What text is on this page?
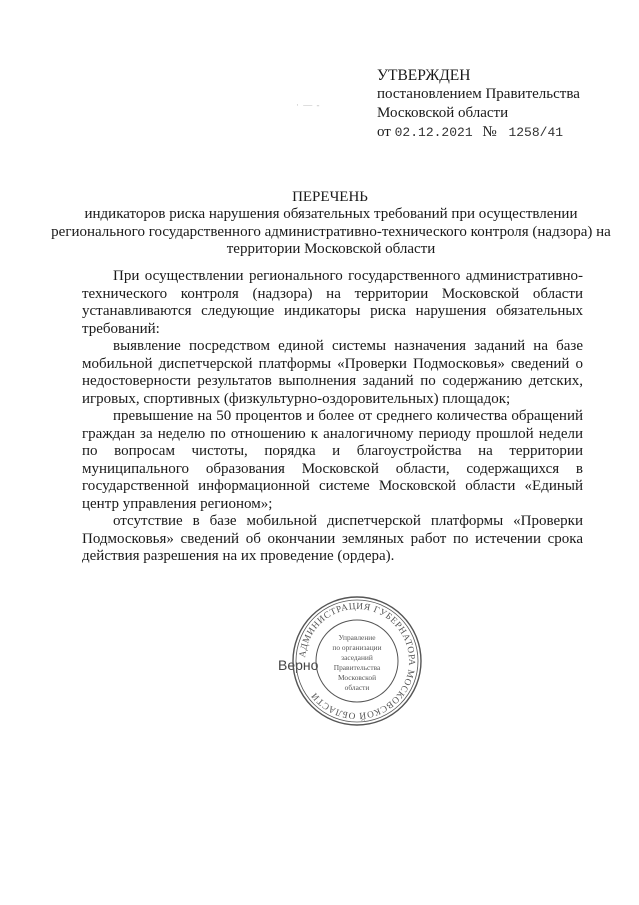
УТВЕРЖДЕН
постановлением Правительства
Московской области
от 02.12.2021 № 1258/41
· — -
ПЕРЕЧЕНЬ
индикаторов риска нарушения обязательных требований при осуществлении регионального государственного административно-технического контроля (надзора) на территории Московской области

При осуществлении регионального государственного административно-технического контроля (надзора) на территории Московской области устанавливаются следующие индикаторы риска нарушения обязательных требований:

выявление посредством единой системы назначения заданий на базе мобильной диспетчерской платформы «Проверки Подмосковья» сведений о недостоверности результатов выполнения заданий по содержанию детских, игровых, спортивных (физкультурно-оздоровительных) площадок;

превышение на 50 процентов и более от среднего количества обращений граждан за неделю по отношению к аналогичному периоду прошлой недели по вопросам чистоты, порядка и благоустройства на территории муниципального образования Московской области, содержащихся в государственной информационной системе Московской области «Единый центр управления регионом»;

отсутствие в базе мобильной диспетчерской платформы «Проверки Подмосковья» сведений об окончании земляных работ по истечении срока действия разрешения на их проведение (ордера).

Верно
АДМИНИСТРАЦИЯ ГУБЕРНАТОРА МОСКОВСКОЙ ОБЛАСТИ
Управление
по организации
заседаний
Правительства
Московской
области
